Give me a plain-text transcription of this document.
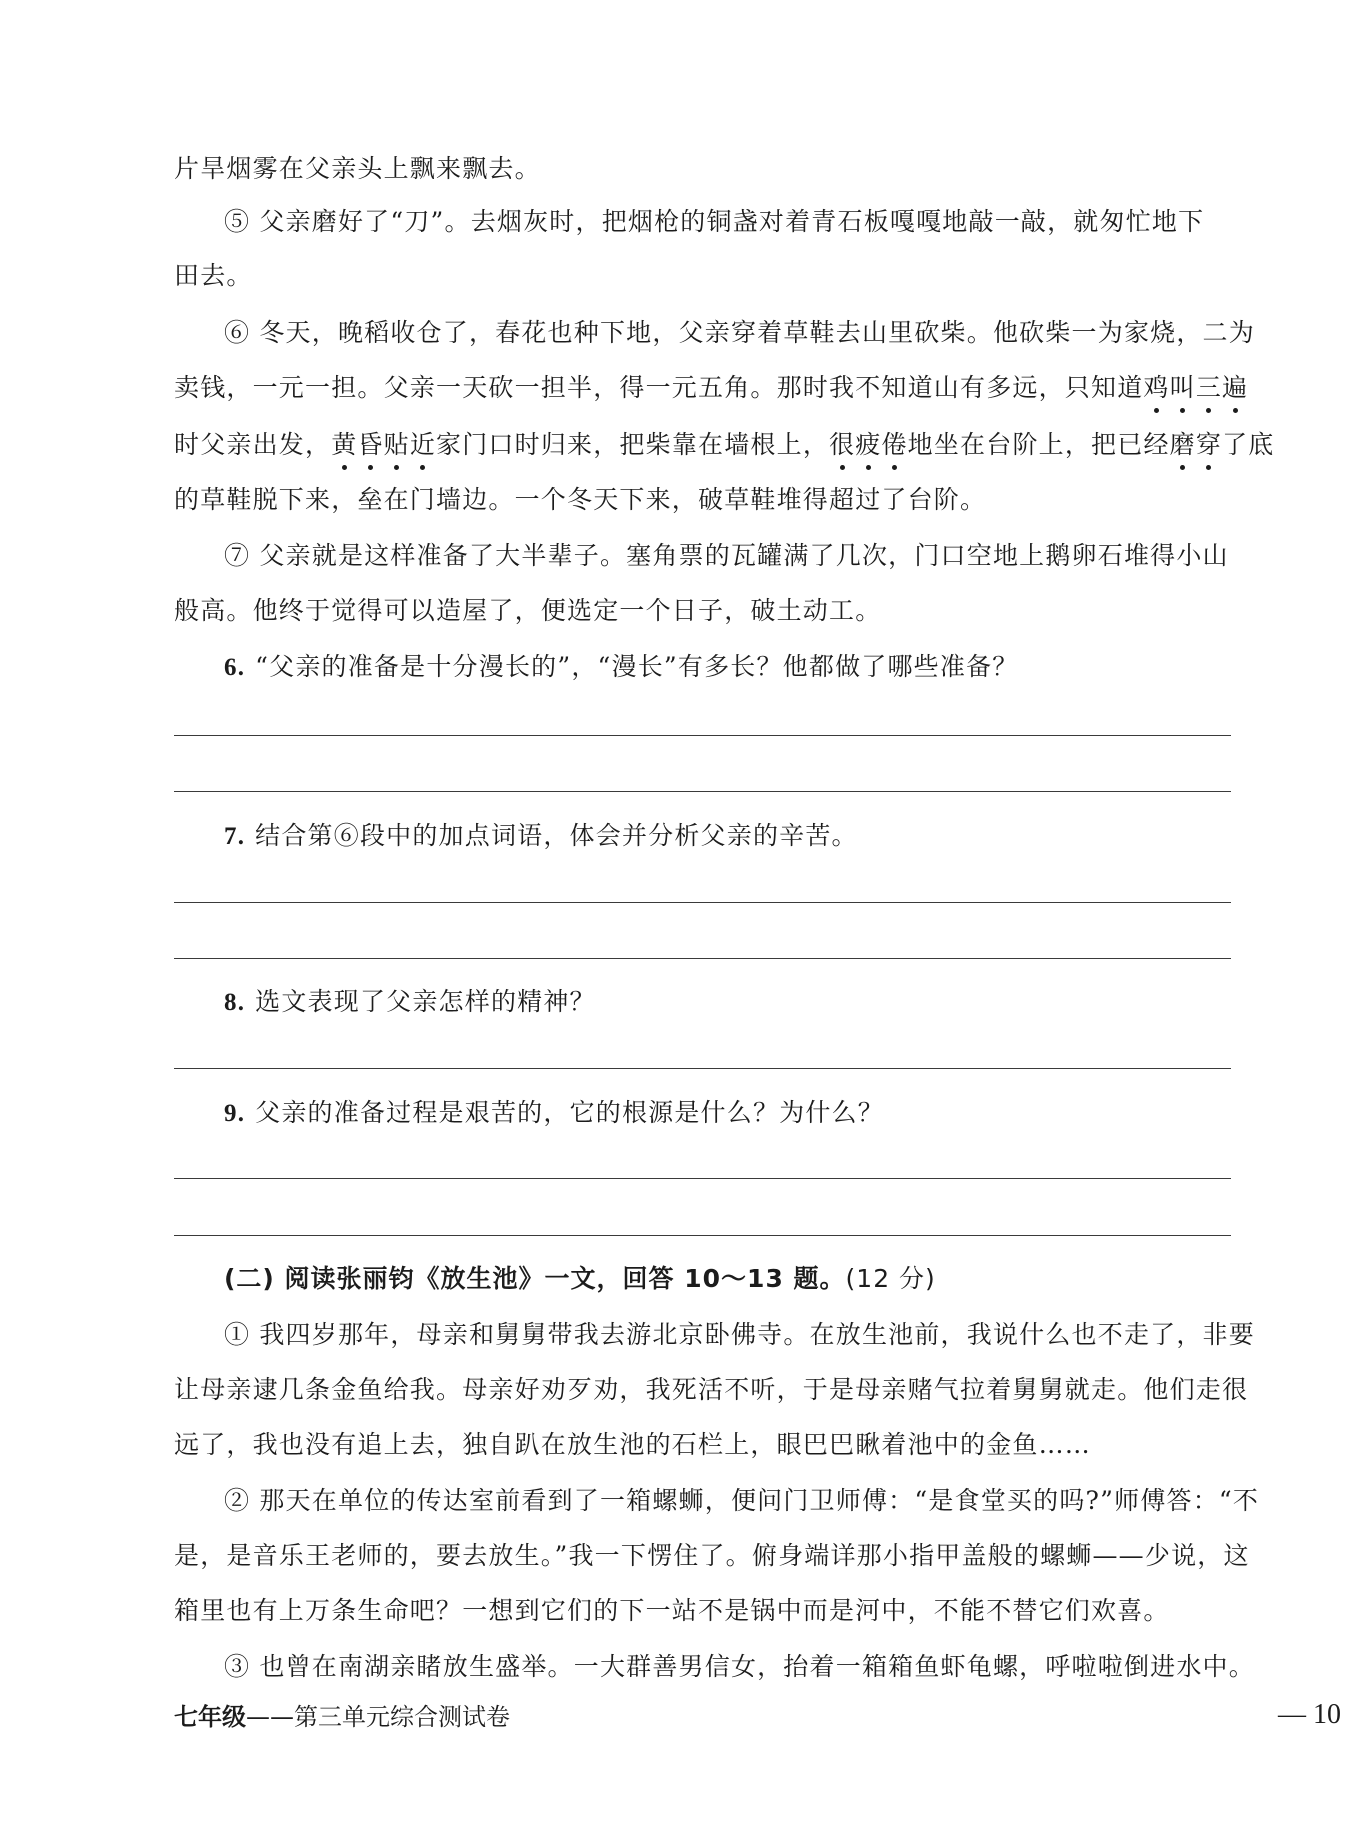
片旱烟雾在父亲头上飘来飘去。
⑤ 父亲磨好了“刀”。去烟灰时，把烟枪的铜盏对着青石板嘎嘎地敲一敲，就匆忙地下
田去。
⑥ 冬天，晚稻收仓了，春花也种下地，父亲穿着草鞋去山里砍柴。他砍柴一为家烧，二为
卖钱，一元一担。父亲一天砍一担半，得一元五角。那时我不知道山有多远，只知道鸡叫三遍
时父亲出发，黄昏贴近家门口时归来，把柴靠在墙根上，很疲倦地坐在台阶上，把已经磨穿了底
的草鞋脱下来，垒在门墙边。一个冬天下来，破草鞋堆得超过了台阶。
⑦ 父亲就是这样准备了大半辈子。塞角票的瓦罐满了几次，门口空地上鹅卵石堆得小山
般高。他终于觉得可以造屋了，便选定一个日子，破土动工。
6. “父亲的准备是十分漫长的”，“漫长”有多长？他都做了哪些准备？
7. 结合第⑥段中的加点词语，体会并分析父亲的辛苦。
8. 选文表现了父亲怎样的精神？
9. 父亲的准备过程是艰苦的，它的根源是什么？为什么？
(二) 阅读张丽钧《放生池》一文，回答 10～13 题。(12 分)
① 我四岁那年，母亲和舅舅带我去游北京卧佛寺。在放生池前，我说什么也不走了，非要
让母亲逮几条金鱼给我。母亲好劝歹劝，我死活不听，于是母亲赌气拉着舅舅就走。他们走很
远了，我也没有追上去，独自趴在放生池的石栏上，眼巴巴瞅着池中的金鱼……
② 那天在单位的传达室前看到了一箱螺蛳，便问门卫师傅：“是食堂买的吗?”师傅答：“不
是，是音乐王老师的，要去放生。”我一下愣住了。俯身端详那小指甲盖般的螺蛳——少说，这
箱里也有上万条生命吧？一想到它们的下一站不是锅中而是河中，不能不替它们欢喜。
③ 也曾在南湖亲睹放生盛举。一大群善男信女，抬着一箱箱鱼虾龟螺，呼啦啦倒进水中。
七年级——第三单元综合测试卷	— 10
